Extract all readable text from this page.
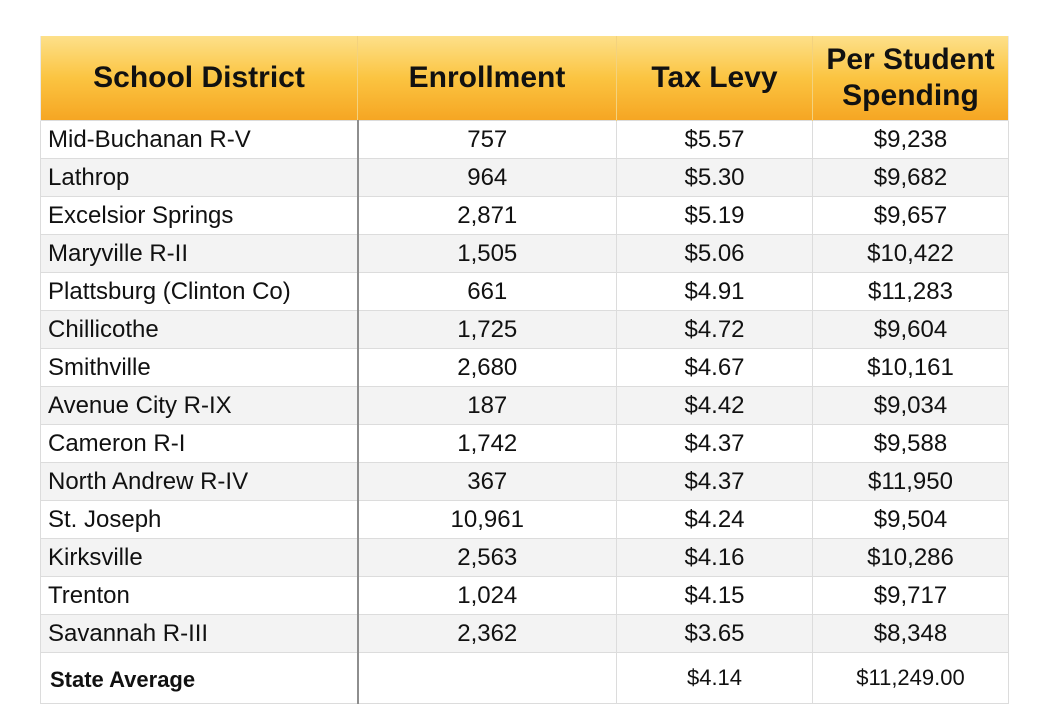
School District	Enrollment	Tax Levy	Per Student
Spending
Mid-Buchanan R-V	757	$5.57	$9,238
Lathrop	964	$5.30	$9,682
Excelsior Springs	2,871	$5.19	$9,657
Maryville R-II	1,505	$5.06	$10,422
Plattsburg (Clinton Co)	661	$4.91	$11,283
Chillicothe	1,725	$4.72	$9,604
Smithville	2,680	$4.67	$10,161
Avenue City R-IX	187	$4.42	$9,034
Cameron R-I	1,742	$4.37	$9,588
North Andrew R-IV	367	$4.37	$11,950
St. Joseph	10,961	$4.24	$9,504
Kirksville	2,563	$4.16	$10,286
Trenton	1,024	$4.15	$9,717
Savannah R-III	2,362	$3.65	$8,348
State Average		$4.14	$11,249.00
